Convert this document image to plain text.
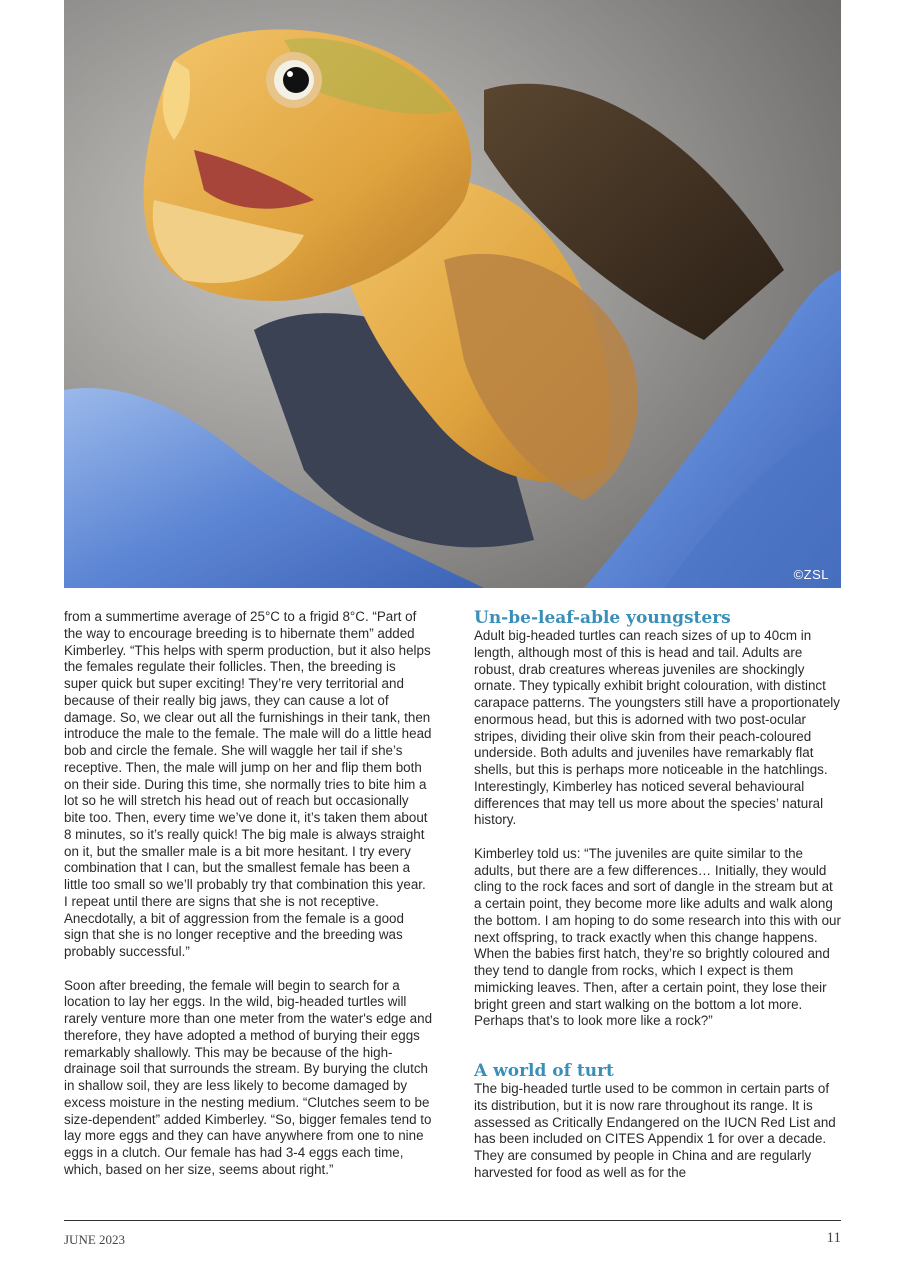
©ZSL

from a summertime average of 25°C to a frigid 8°C. “Part of the way to encourage breeding is to hibernate them” added Kimberley. “This helps with sperm production, but it also helps the females regulate their follicles. Then, the breeding is super quick but super exciting! They’re very territorial and because of their really big jaws, they can cause a lot of damage. So, we clear out all the furnishings in their tank, then introduce the male to the female. The male will do a little head bob and circle the female. She will waggle her tail if she’s receptive. Then, the male will jump on her and flip them both on their side. During this time, she normally tries to bite him a lot so he will stretch his head out of reach but occasionally bite too. Then, every time we’ve done it, it’s taken them about 8 minutes, so it’s really quick! The big male is always straight on it, but the smaller male is a bit more hesitant. I try every combination that I can, but the smallest female has been a little too small so we’ll probably try that combination this year. I repeat until there are signs that she is not receptive. Anecdotally, a bit of aggression from the female is a good sign that she is no longer receptive and the breeding was probably successful.”

Soon after breeding, the female will begin to search for a location to lay her eggs. In the wild, big-headed turtles will rarely venture more than one meter from the water's edge and therefore, they have adopted a method of burying their eggs remarkably shallowly. This may be because of the high-drainage soil that surrounds the stream. By burying the clutch in shallow soil, they are less likely to become damaged by excess moisture in the nesting medium. “Clutches seem to be size-dependent” added Kimberley. “So, bigger females tend to lay more eggs and they can have anywhere from one to nine eggs in a clutch. Our female has had 3-4 eggs each time, which, based on her size, seems about right.”

Un-be-leaf-able youngsters

Adult big-headed turtles can reach sizes of up to 40cm in length, although most of this is head and tail. Adults are robust, drab creatures whereas juveniles are shockingly ornate. They typically exhibit bright colouration, with distinct carapace patterns. The youngsters still have a proportionately enormous head, but this is adorned with two post-ocular stripes, dividing their olive skin from their peach-coloured underside. Both adults and juveniles have remarkably flat shells, but this is perhaps more noticeable in the hatchlings. Interestingly, Kimberley has noticed several behavioural differences that may tell us more about the species’ natural history.

Kimberley told us: “The juveniles are quite similar to the adults, but there are a few differences… Initially, they would cling to the rock faces and sort of dangle in the stream but at a certain point, they become more like adults and walk along the bottom. I am hoping to do some research into this with our next offspring, to track exactly when this change happens. When the babies first hatch, they’re so brightly coloured and they tend to dangle from rocks, which I expect is them mimicking leaves. Then, after a certain point, they lose their bright green and start walking on the bottom a lot more. Perhaps that’s to look more like a rock?”

A world of turt

The big-headed turtle used to be common in certain parts of its distribution, but it is now rare throughout its range. It is assessed as Critically Endangered on the IUCN Red List and has been included on CITES Appendix 1 for over a decade. They are consumed by people in China and are regularly harvested for food as well as for the

JUNE 2023	11
